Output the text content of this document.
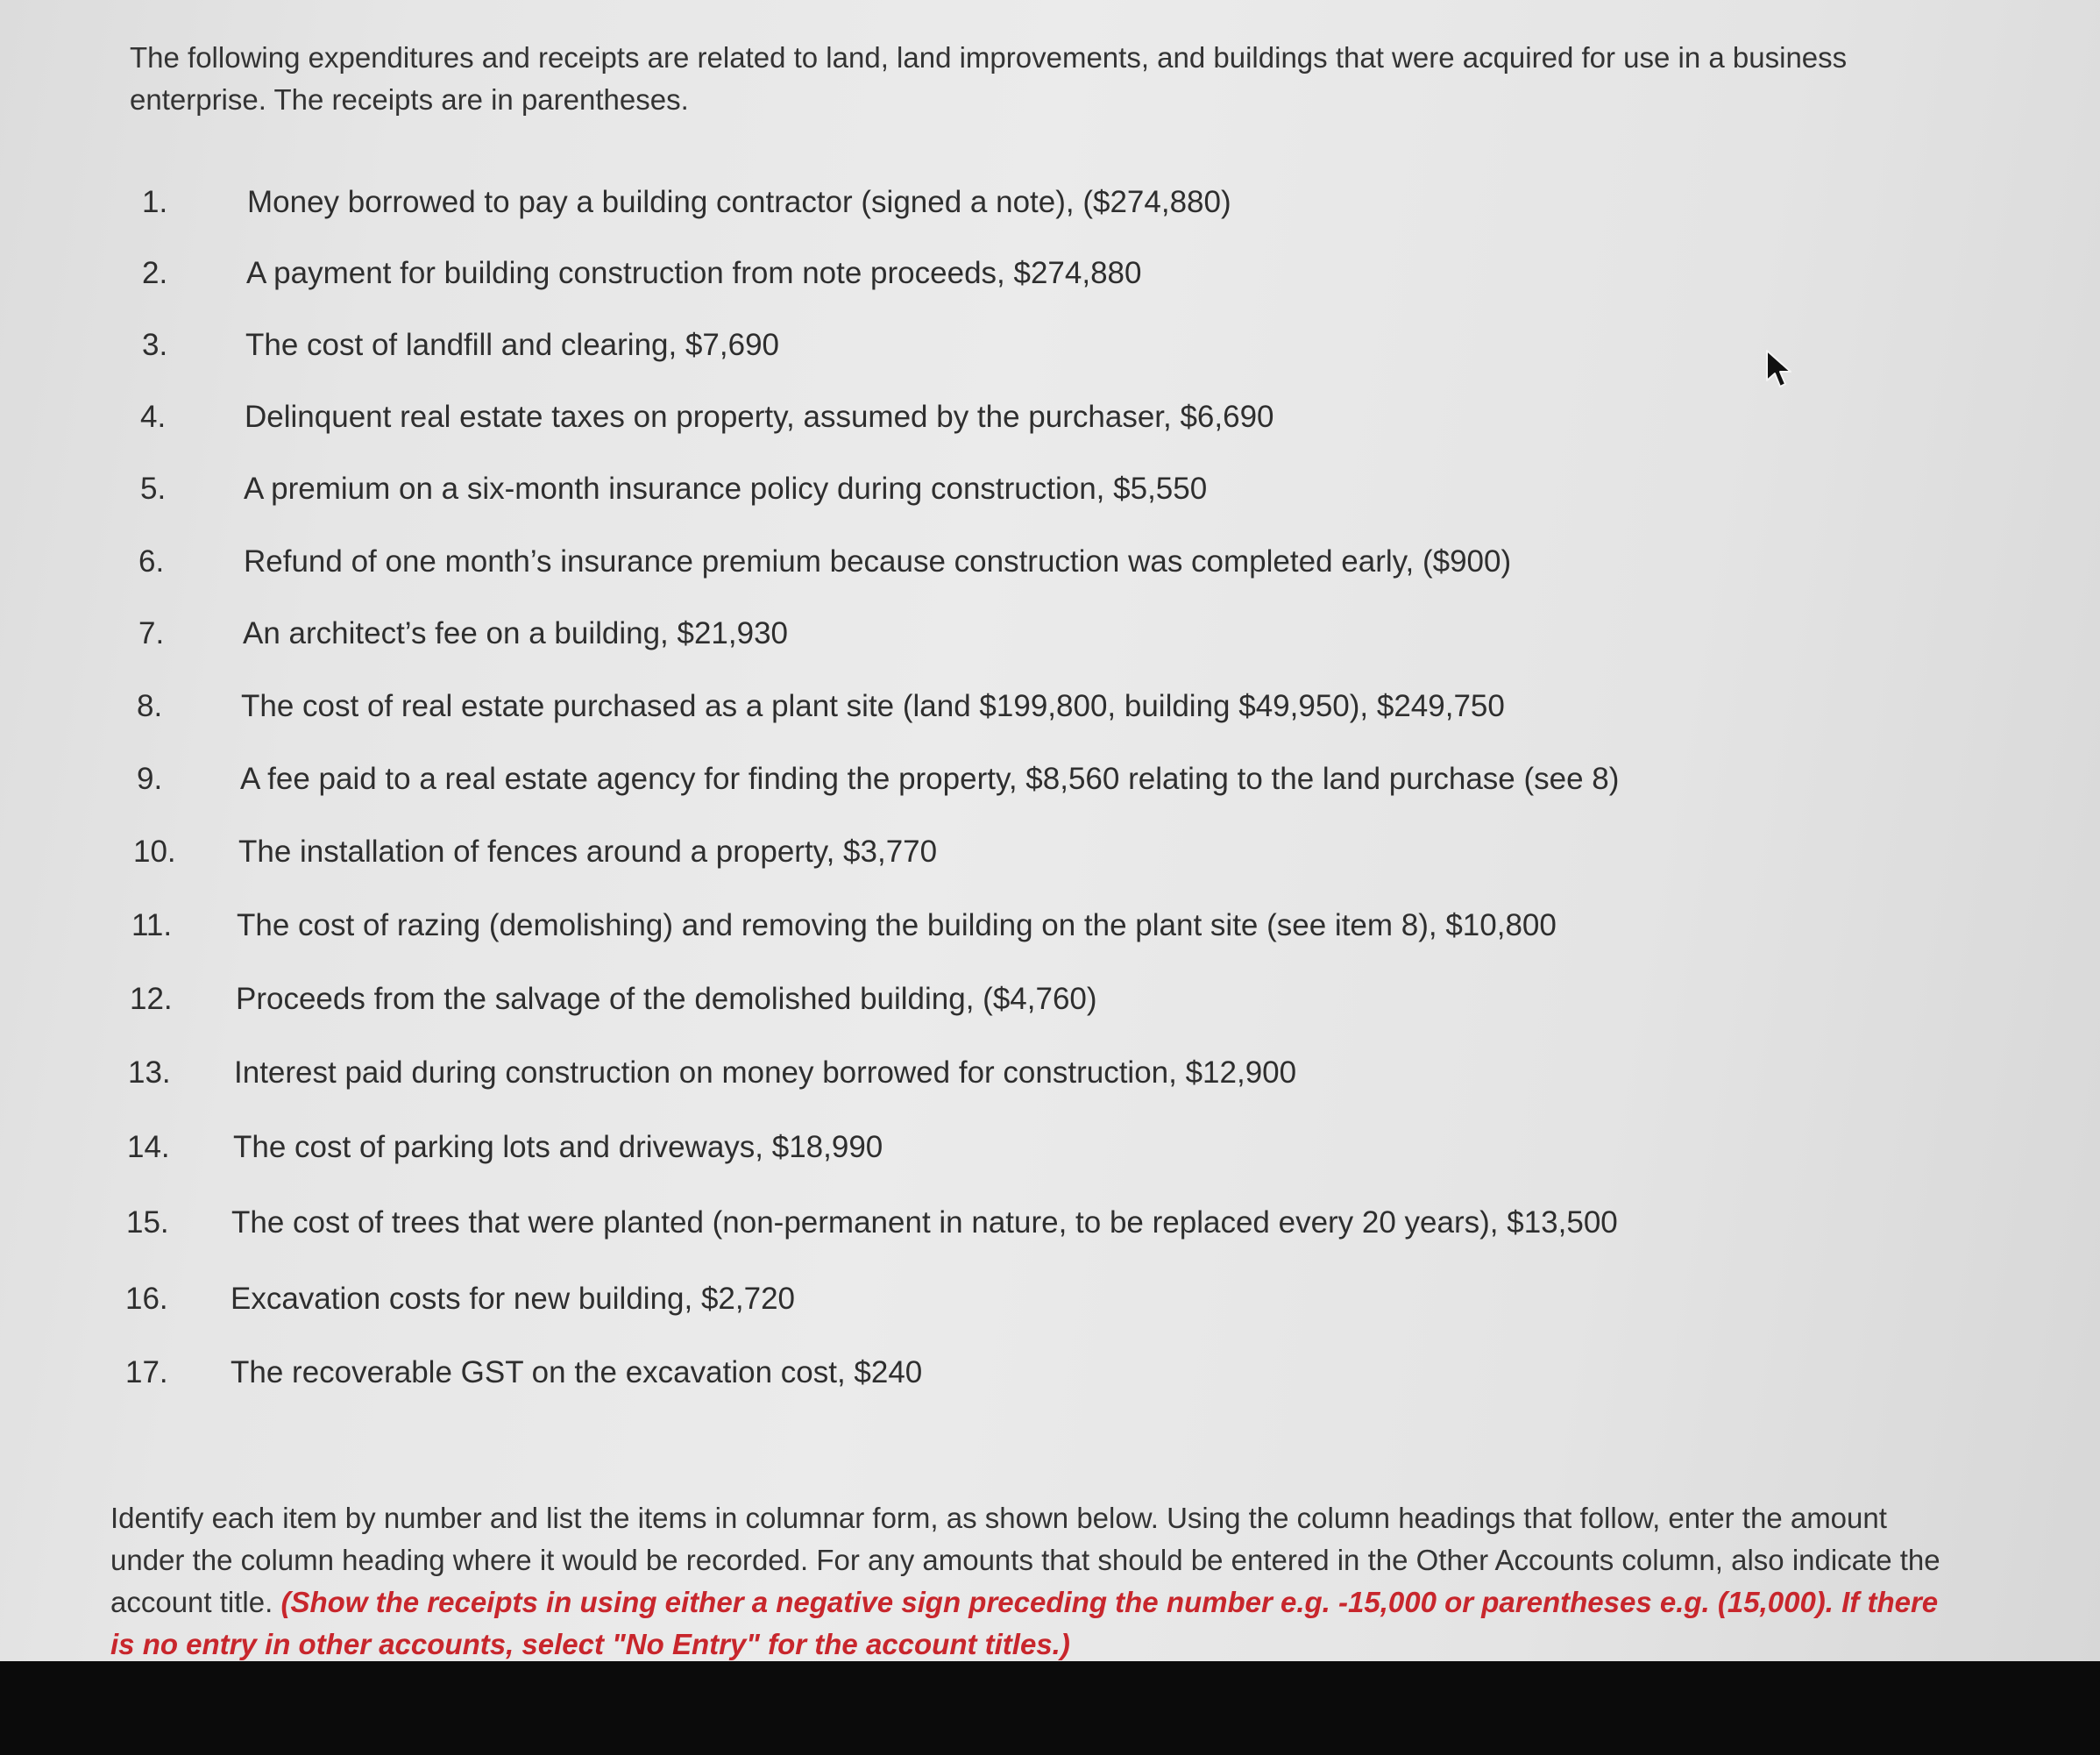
The following expenditures and receipts are related to land, land improvements, and buildings that were acquired for use in a business enterprise. The receipts are in parentheses.

1.	Money borrowed to pay a building contractor (signed a note), ($274,880)
2.	A payment for building construction from note proceeds, $274,880
3.	The cost of landfill and clearing, $7,690
4.	Delinquent real estate taxes on property, assumed by the purchaser, $6,690
5.	A premium on a six-month insurance policy during construction, $5,550
6.	Refund of one month’s insurance premium because construction was completed early, ($900)
7.	An architect’s fee on a building, $21,930
8.	The cost of real estate purchased as a plant site (land $199,800, building $49,950), $249,750
9.	A fee paid to a real estate agency for finding the property, $8,560 relating to the land purchase (see 8)
10.	The installation of fences around a property, $3,770
11.	The cost of razing (demolishing) and removing the building on the plant site (see item 8), $10,800
12.	Proceeds from the salvage of the demolished building, ($4,760)
13.	Interest paid during construction on money borrowed for construction, $12,900
14.	The cost of parking lots and driveways, $18,990
15.	The cost of trees that were planted (non-permanent in nature, to be replaced every 20 years), $13,500
16.	Excavation costs for new building, $2,720
17.	The recoverable GST on the excavation cost, $240

Identify each item by number and list the items in columnar form, as shown below. Using the column headings that follow, enter the amount under the column heading where it would be recorded. For any amounts that should be entered in the Other Accounts column, also indicate the account title. (Show the receipts in using either a negative sign preceding the number e.g. -15,000 or parentheses e.g. (15,000). If there is no entry in other accounts, select "No Entry" for the account titles.)
